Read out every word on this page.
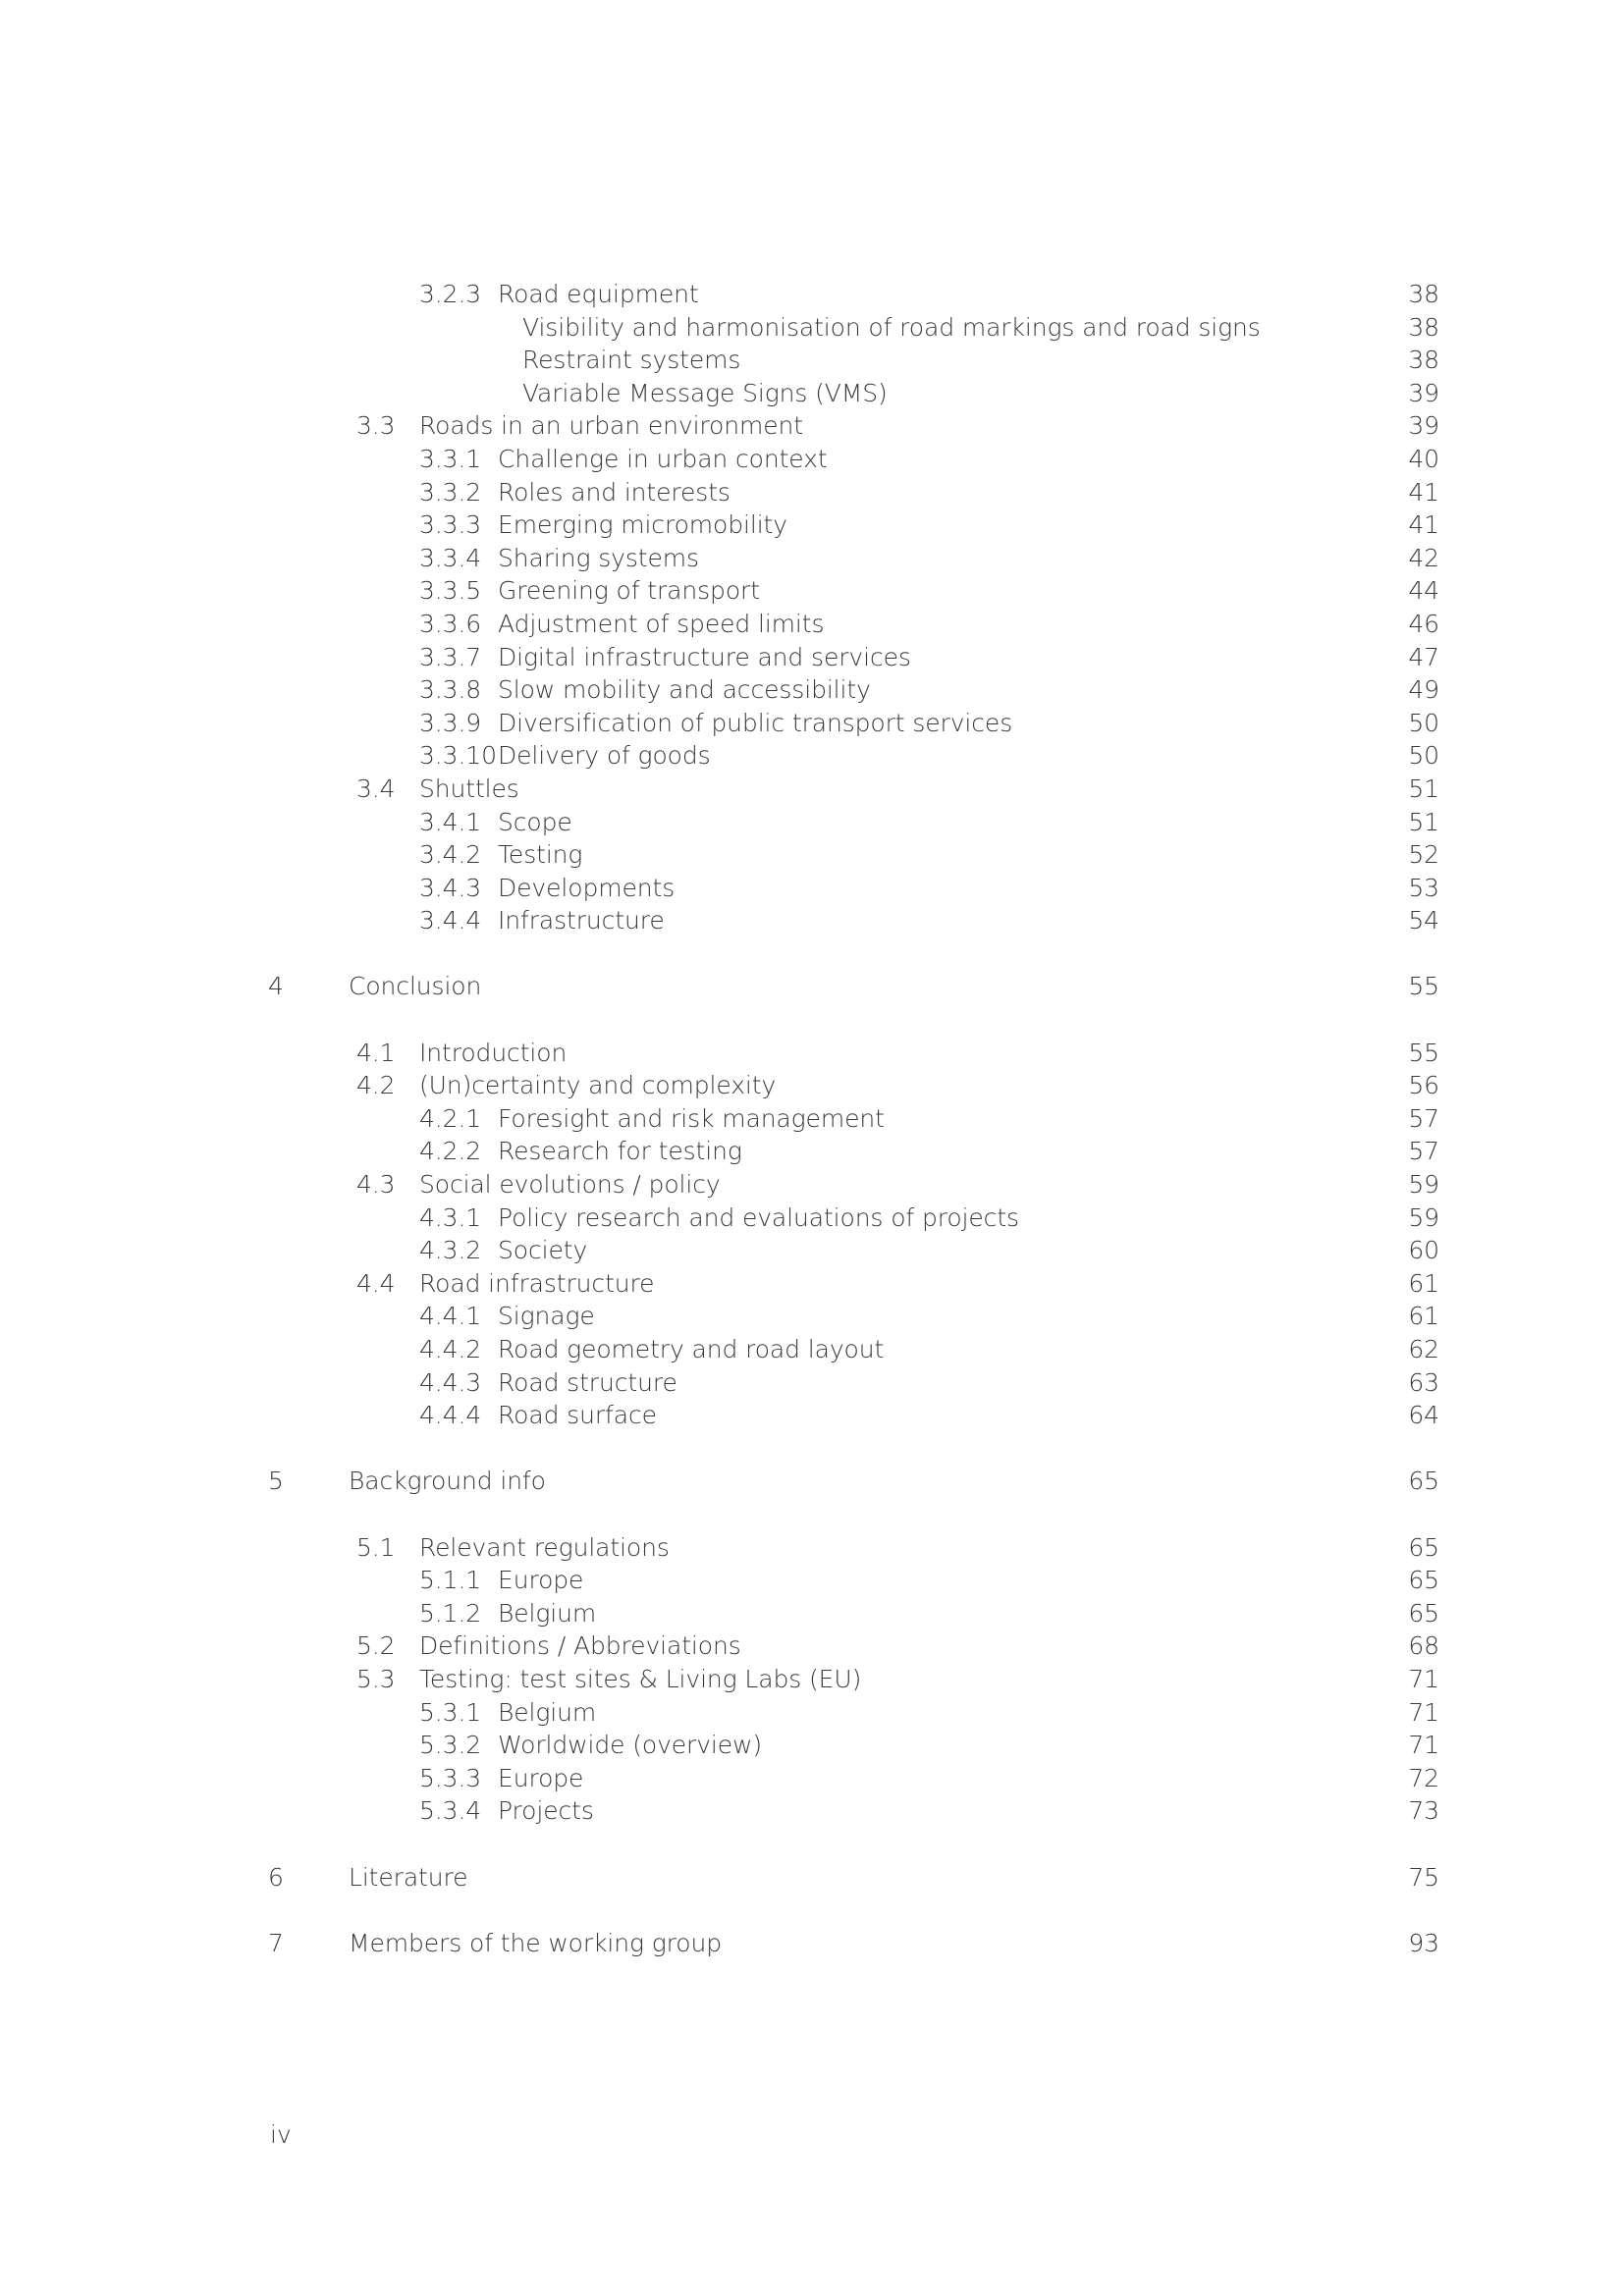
3.2.3 Road equipment	38
Visibility and harmonisation of road markings and road signs	38
Restraint systems	38
Variable Message Signs (VMS)	39
3.3 Roads in an urban environment	39
3.3.1 Challenge in urban context	40
3.3.2 Roles and interests	41
3.3.3 Emerging micromobility	41
3.3.4 Sharing systems	42
3.3.5 Greening of transport	44
3.3.6 Adjustment of speed limits	46
3.3.7 Digital infrastructure and services	47
3.3.8 Slow mobility and accessibility	49
3.3.9 Diversification of public transport services	50
3.3.10 Delivery of goods	50
3.4 Shuttles	51
3.4.1 Scope	51
3.4.2 Testing	52
3.4.3 Developments	53
3.4.4 Infrastructure	54
4	Conclusion	55
4.1 Introduction	55
4.2 (Un)certainty and complexity	56
4.2.1 Foresight and risk management	57
4.2.2 Research for testing	57
4.3 Social evolutions / policy	59
4.3.1 Policy research and evaluations of projects	59
4.3.2 Society	60
4.4 Road infrastructure	61
4.4.1 Signage	61
4.4.2 Road geometry and road layout	62
4.4.3 Road structure	63
4.4.4 Road surface	64
5	Background info	65
5.1 Relevant regulations	65
5.1.1 Europe	65
5.1.2 Belgium	65
5.2 Definitions / Abbreviations	68
5.3 Testing: test sites & Living Labs (EU)	71
5.3.1 Belgium	71
5.3.2 Worldwide (overview)	71
5.3.3 Europe	72
5.3.4 Projects	73
6	Literature	75
7	Members of the working group	93
iv
